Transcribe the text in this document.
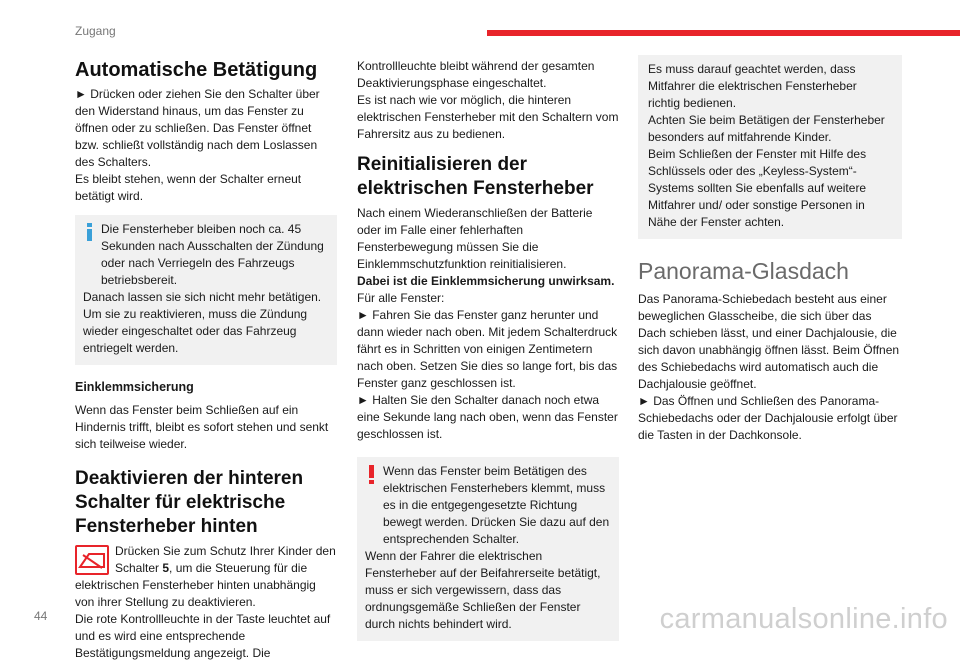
Zugang
Automatische Betätigung

► Drücken oder ziehen Sie den Schalter über den Widerstand hinaus, um das Fenster zu öffnen oder zu schließen. Das Fenster öffnet bzw. schließt vollständig nach dem Loslassen des Schalters.

Es bleibt stehen, wenn der Schalter erneut betätigt wird.

Die Fensterheber bleiben noch ca. 45 Sekunden nach Ausschalten der Zündung oder nach Verriegeln des Fahrzeugs betriebsbereit.

Danach lassen sie sich nicht mehr betätigen. Um sie zu reaktivieren, muss die Zündung wieder eingeschaltet oder das Fahrzeug entriegelt werden.

Einklemmsicherung

Wenn das Fenster beim Schließen auf ein Hindernis trifft, bleibt es sofort stehen und senkt sich teilweise wieder.

Deaktivieren der hinteren Schalter für elektrische Fensterheber hinten

Drücken Sie zum Schutz Ihrer Kinder den Schalter 5, um die Steuerung für die elektrischen Fensterheber hinten unabhängig von ihrer Stellung zu deaktivieren.

Die rote Kontrollleuchte in der Taste leuchtet auf und es wird eine entsprechende Bestätigungsmeldung angezeigt. Die

Kontrollleuchte bleibt während der gesamten Deaktivierungsphase eingeschaltet.

Es ist nach wie vor möglich, die hinteren elektrischen Fensterheber mit den Schaltern vom Fahrersitz aus zu bedienen.

Reinitialisieren der elektrischen Fensterheber

Nach einem Wiederanschließen der Batterie oder im Falle einer fehlerhaften Fensterbewegung müssen Sie die Einklemmschutzfunktion reinitialisieren.

Dabei ist die Einklemmsicherung unwirksam.

Für alle Fenster:

► Fahren Sie das Fenster ganz herunter und dann wieder nach oben. Mit jedem Schalterdruck fährt es in Schritten von einigen Zentimetern nach oben. Setzen Sie dies so lange fort, bis das Fenster ganz geschlossen ist.

► Halten Sie den Schalter danach noch etwa eine Sekunde lang nach oben, wenn das Fenster geschlossen ist.

Wenn das Fenster beim Betätigen des elektrischen Fensterhebers klemmt, muss es in die entgegengesetzte Richtung bewegt werden. Drücken Sie dazu auf den entsprechenden Schalter.

Wenn der Fahrer die elektrischen Fensterheber auf der Beifahrerseite betätigt, muss er sich vergewissern, dass das ordnungsgemäße Schließen der Fenster durch nichts behindert wird.

Es muss darauf geachtet werden, dass Mitfahrer die elektrischen Fensterheber richtig bedienen.

Achten Sie beim Betätigen der Fensterheber besonders auf mitfahrende Kinder.

Beim Schließen der Fenster mit Hilfe des Schlüssels oder des „Keyless-System“-Systems sollten Sie ebenfalls auf weitere Mitfahrer und/ oder sonstige Personen in Nähe der Fenster achten.

Panorama-Glasdach

Das Panorama-Schiebedach besteht aus einer beweglichen Glasscheibe, die sich über das Dach schieben lässt, und einer Dachjalousie, die sich davon unabhängig öffnen lässt. Beim Öffnen des Schiebedachs wird automatisch auch die Dachjalousie geöffnet.

► Das Öffnen und Schließen des Panorama-Schiebedachs oder der Dachjalousie erfolgt über die Tasten in der Dachkonsole.

44	carmanualsonline.info
